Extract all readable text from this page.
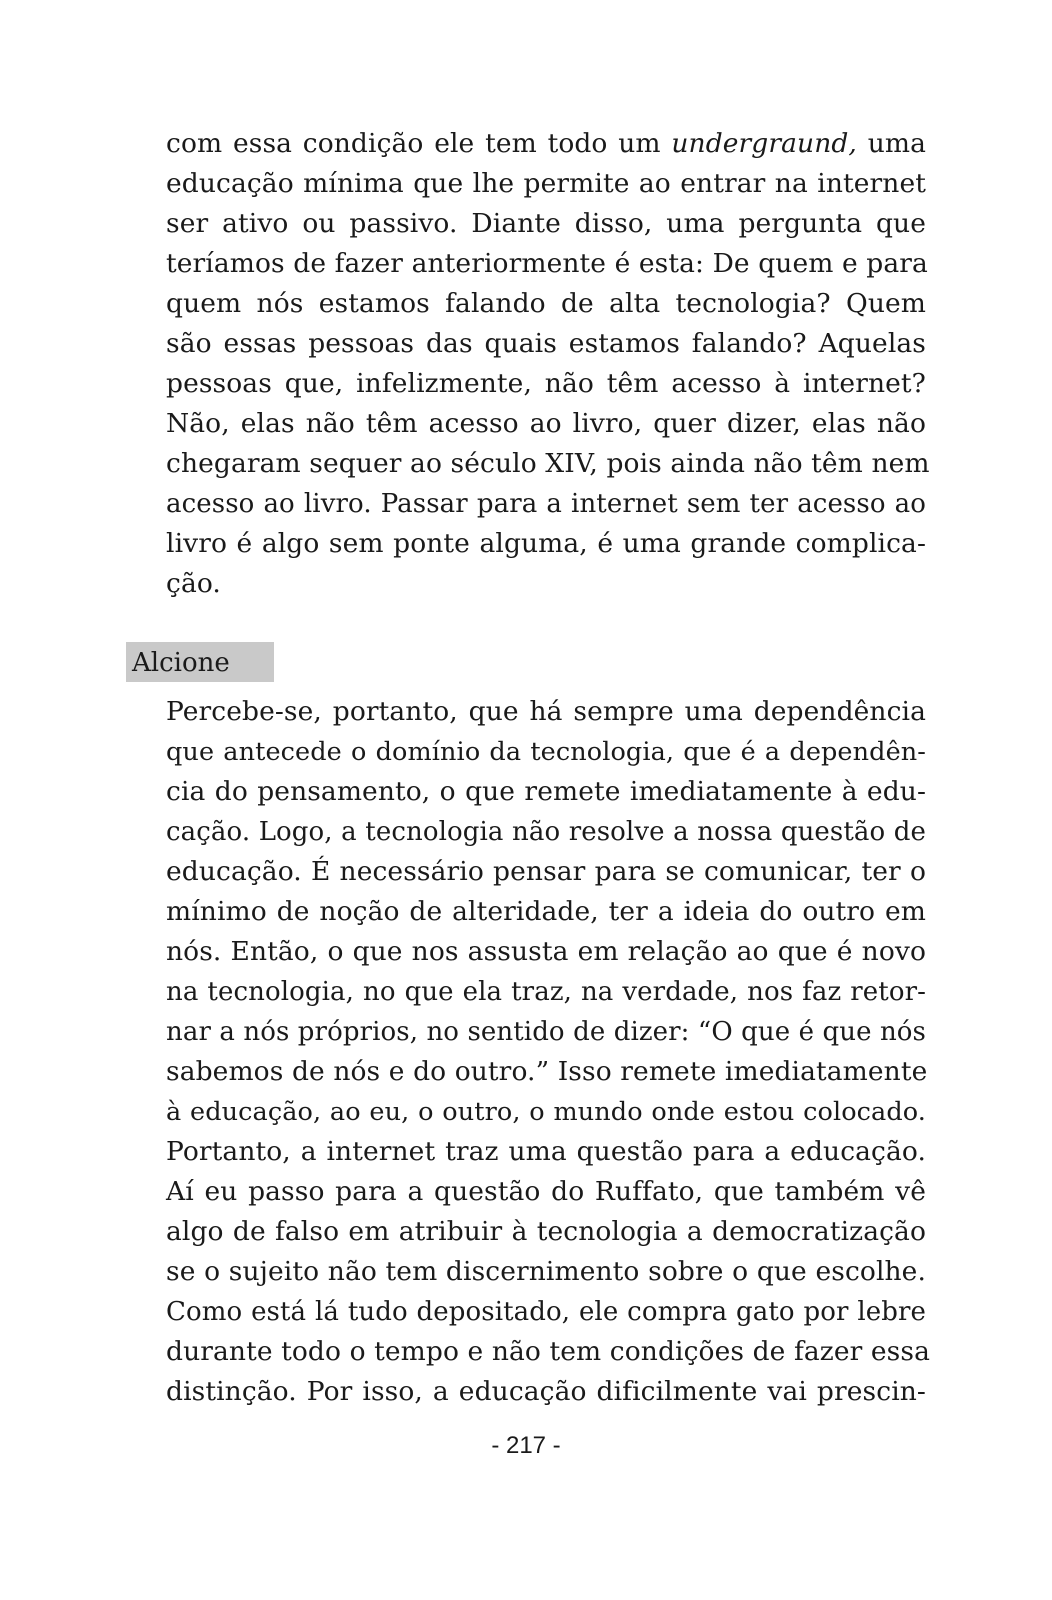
com essa condição ele tem todo um undergraund, uma
educação mínima que lhe permite ao entrar na internet
ser ativo ou passivo. Diante disso, uma pergunta que
teríamos de fazer anteriormente é esta: De quem e para
quem nós estamos falando de alta tecnologia? Quem
são essas pessoas das quais estamos falando? Aquelas
pessoas que, infelizmente, não têm acesso à internet?
Não, elas não têm acesso ao livro, quer dizer, elas não
chegaram sequer ao século XIV, pois ainda não têm nem
acesso ao livro. Passar para a internet sem ter acesso ao
livro é algo sem ponte alguma, é uma grande complica-
ção.
Alcione
Percebe-se, portanto, que há sempre uma dependência
que antecede o domínio da tecnologia, que é a dependên-
cia do pensamento, o que remete imediatamente à edu-
cação. Logo, a tecnologia não resolve a nossa questão de
educação. É necessário pensar para se comunicar, ter o
mínimo de noção de alteridade, ter a ideia do outro em
nós. Então, o que nos assusta em relação ao que é novo
na tecnologia, no que ela traz, na verdade, nos faz retor-
nar a nós próprios, no sentido de dizer: “O que é que nós
sabemos de nós e do outro.” Isso remete imediatamente
à educação, ao eu, o outro, o mundo onde estou colocado.
Portanto, a internet traz uma questão para a educação.
Aí eu passo para a questão do Ruffato, que também vê
algo de falso em atribuir à tecnologia a democratização
se o sujeito não tem discernimento sobre o que escolhe.
Como está lá tudo depositado, ele compra gato por lebre
durante todo o tempo e não tem condições de fazer essa
distinção. Por isso, a educação dificilmente vai prescin-
- 217 -
